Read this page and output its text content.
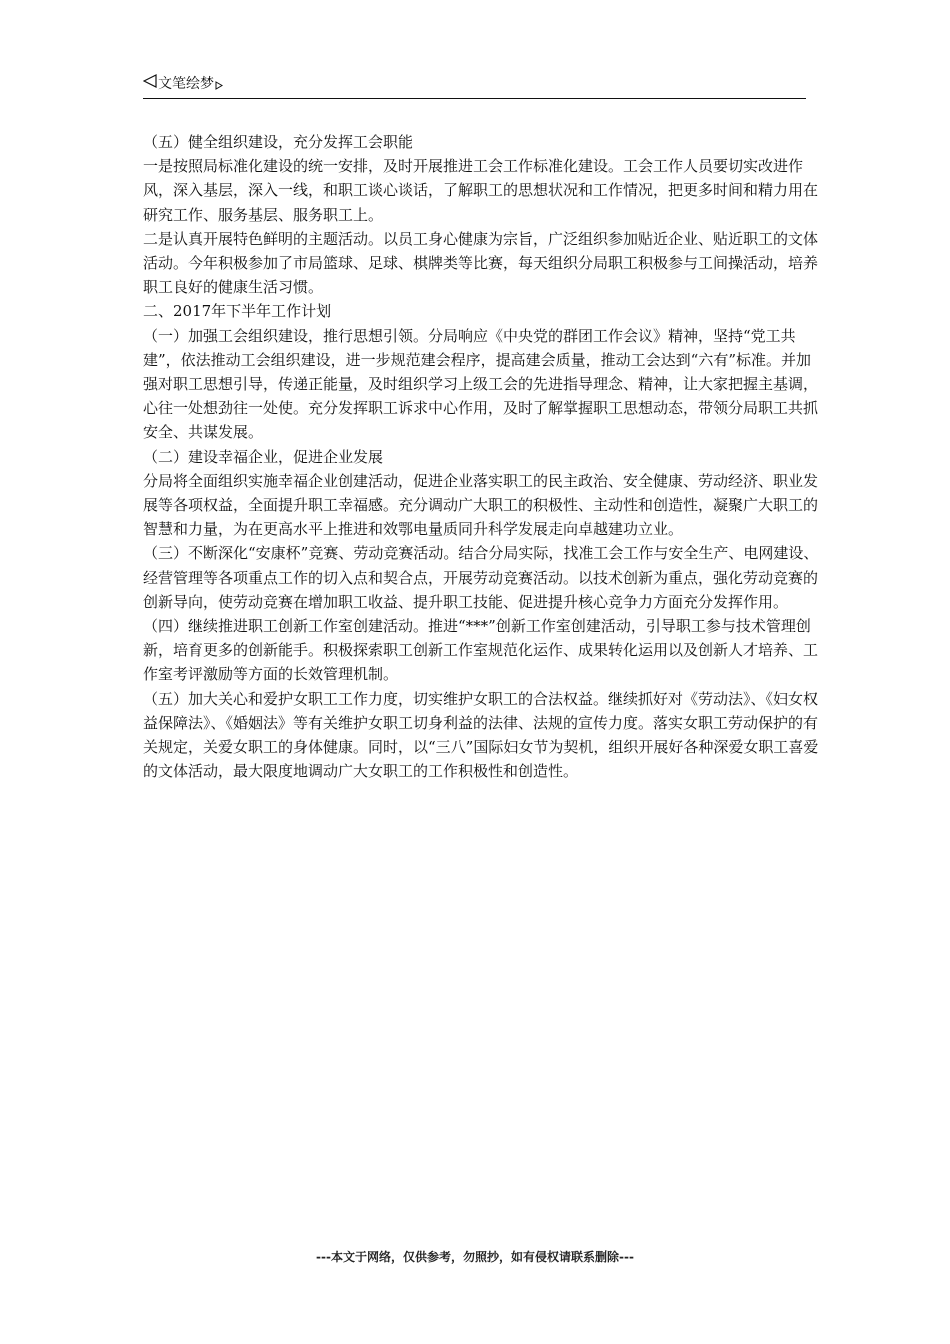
文笔绘梦

（五）健全组织建设，充分发挥工会职能

一是按照局标准化建设的统一安排，及时开展推进工会工作标准化建设。工会工作人员要切实改进作风，深入基层，深入一线，和职工谈心谈话，了解职工的思想状况和工作情况，把更多时间和精力用在研究工作、服务基层、服务职工上。

二是认真开展特色鲜明的主题活动。以员工身心健康为宗旨，广泛组织参加贴近企业、贴近职工的文体活动。今年积极参加了市局篮球、足球、棋牌类等比赛，每天组织分局职工积极参与工间操活动，培养职工良好的健康生活习惯。

二、2017年下半年工作计划

（一）加强工会组织建设，推行思想引领。分局响应《中央党的群团工作会议》精神，坚持“党工共建”，依法推动工会组织建设，进一步规范建会程序，提高建会质量，推动工会达到“六有”标准。并加强对职工思想引导，传递正能量，及时组织学习上级工会的先进指导理念、精神，让大家把握主基调，心往一处想劲往一处使。充分发挥职工诉求中心作用，及时了解掌握职工思想动态，带领分局职工共抓安全、共谋发展。

（二）建设幸福企业，促进企业发展

分局将全面组织实施幸福企业创建活动，促进企业落实职工的民主政治、安全健康、劳动经济、职业发展等各项权益，全面提升职工幸福感。充分调动广大职工的积极性、主动性和创造性，凝聚广大职工的智慧和力量，为在更高水平上推进和效鄂电量质同升科学发展走向卓越建功立业。

（三）不断深化“安康杯”竞赛、劳动竞赛活动。结合分局实际，找准工会工作与安全生产、电网建设、经营管理等各项重点工作的切入点和契合点，开展劳动竞赛活动。以技术创新为重点，强化劳动竞赛的创新导向，使劳动竞赛在增加职工收益、提升职工技能、促进提升核心竞争力方面充分发挥作用。

（四）继续推进职工创新工作室创建活动。推进“***”创新工作室创建活动，引导职工参与技术管理创新，培育更多的创新能手。积极探索职工创新工作室规范化运作、成果转化运用以及创新人才培养、工作室考评激励等方面的长效管理机制。

（五）加大关心和爱护女职工工作力度，切实维护女职工的合法权益。继续抓好对《劳动法》、《妇女权益保障法》、《婚姻法》等有关维护女职工切身利益的法律、法规的宣传力度。落实女职工劳动保护的有关规定，关爱女职工的身体健康。同时，以“三八”国际妇女节为契机，组织开展好各种深爱女职工喜爱的文体活动，最大限度地调动广大女职工的工作积极性和创造性。

---本文于网络，仅供参考，勿照抄，如有侵权请联系删除---
